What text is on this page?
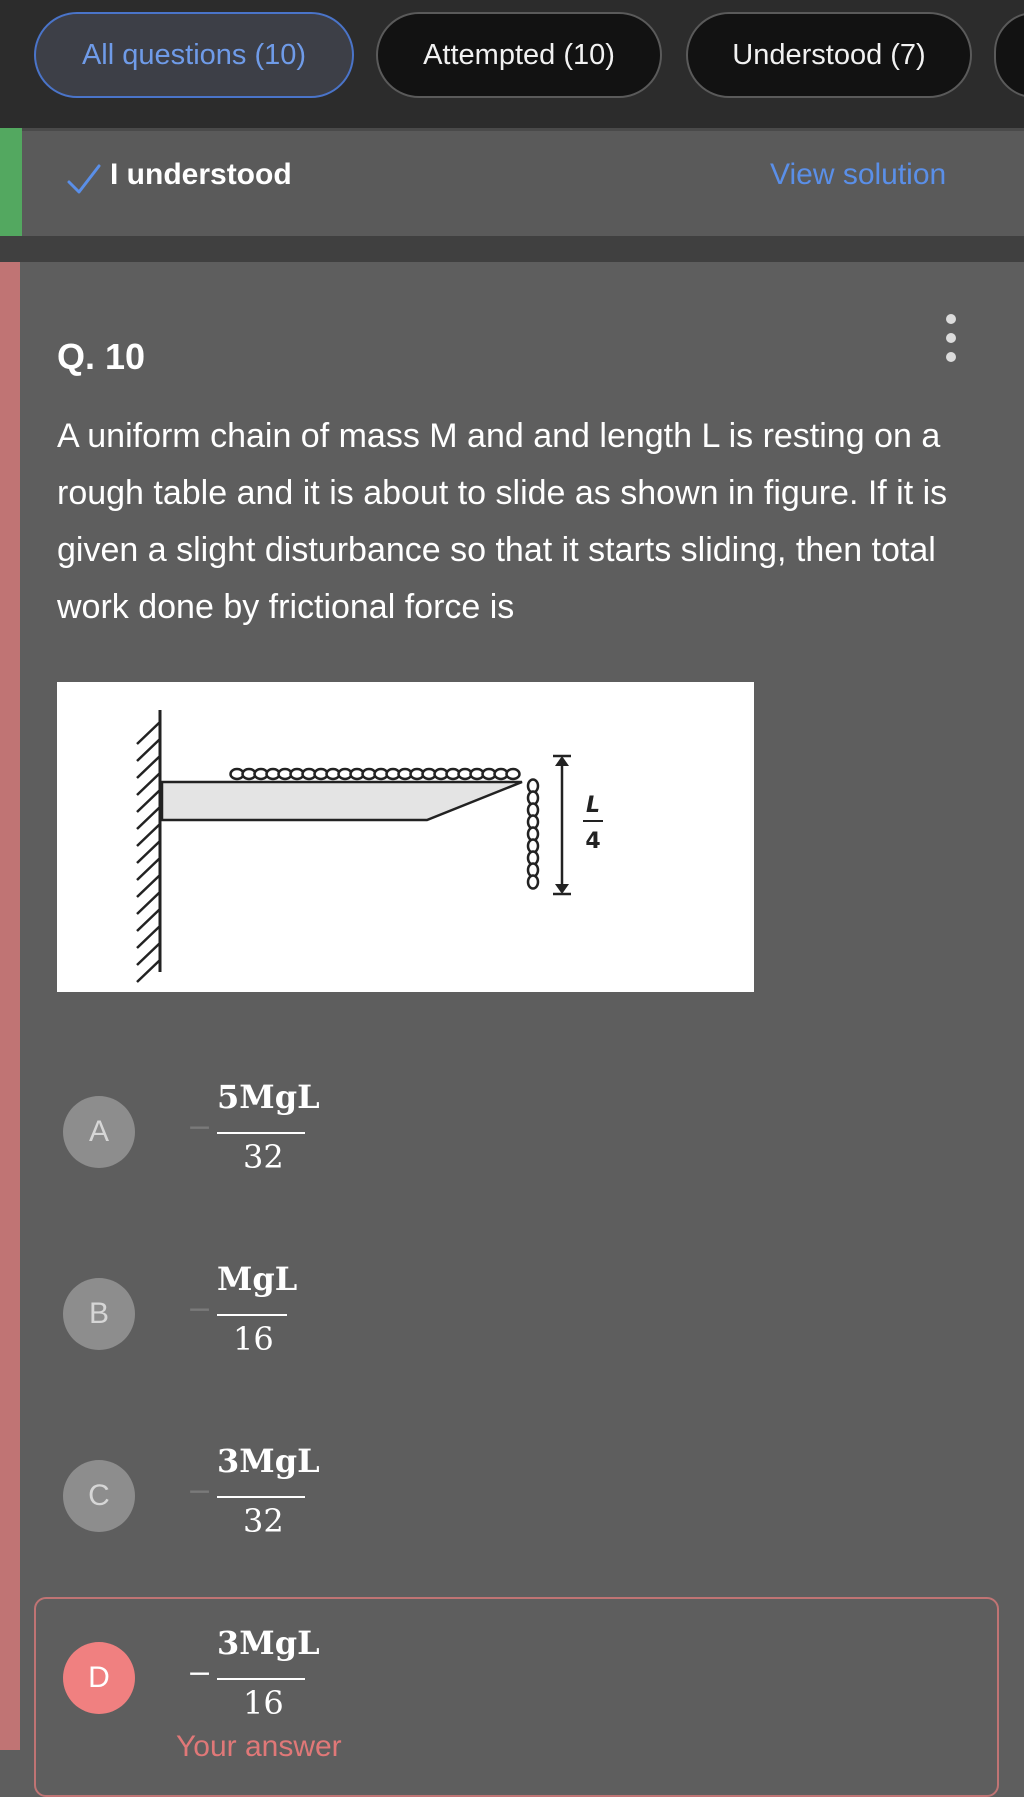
All questions (10)	Attempted (10)	Understood (7)
I understood	View solution
Q. 10
A uniform chain of mass M and and length L is resting on a rough table and it is about to slide as shown in figure. If it is given a slight disturbance so that it starts sliding, then total work done by frictional force is
L
4
A	−
5MgL
32
B	−
MgL
16
C	−
3MgL
32
D	−
3MgL
16
Your answer
